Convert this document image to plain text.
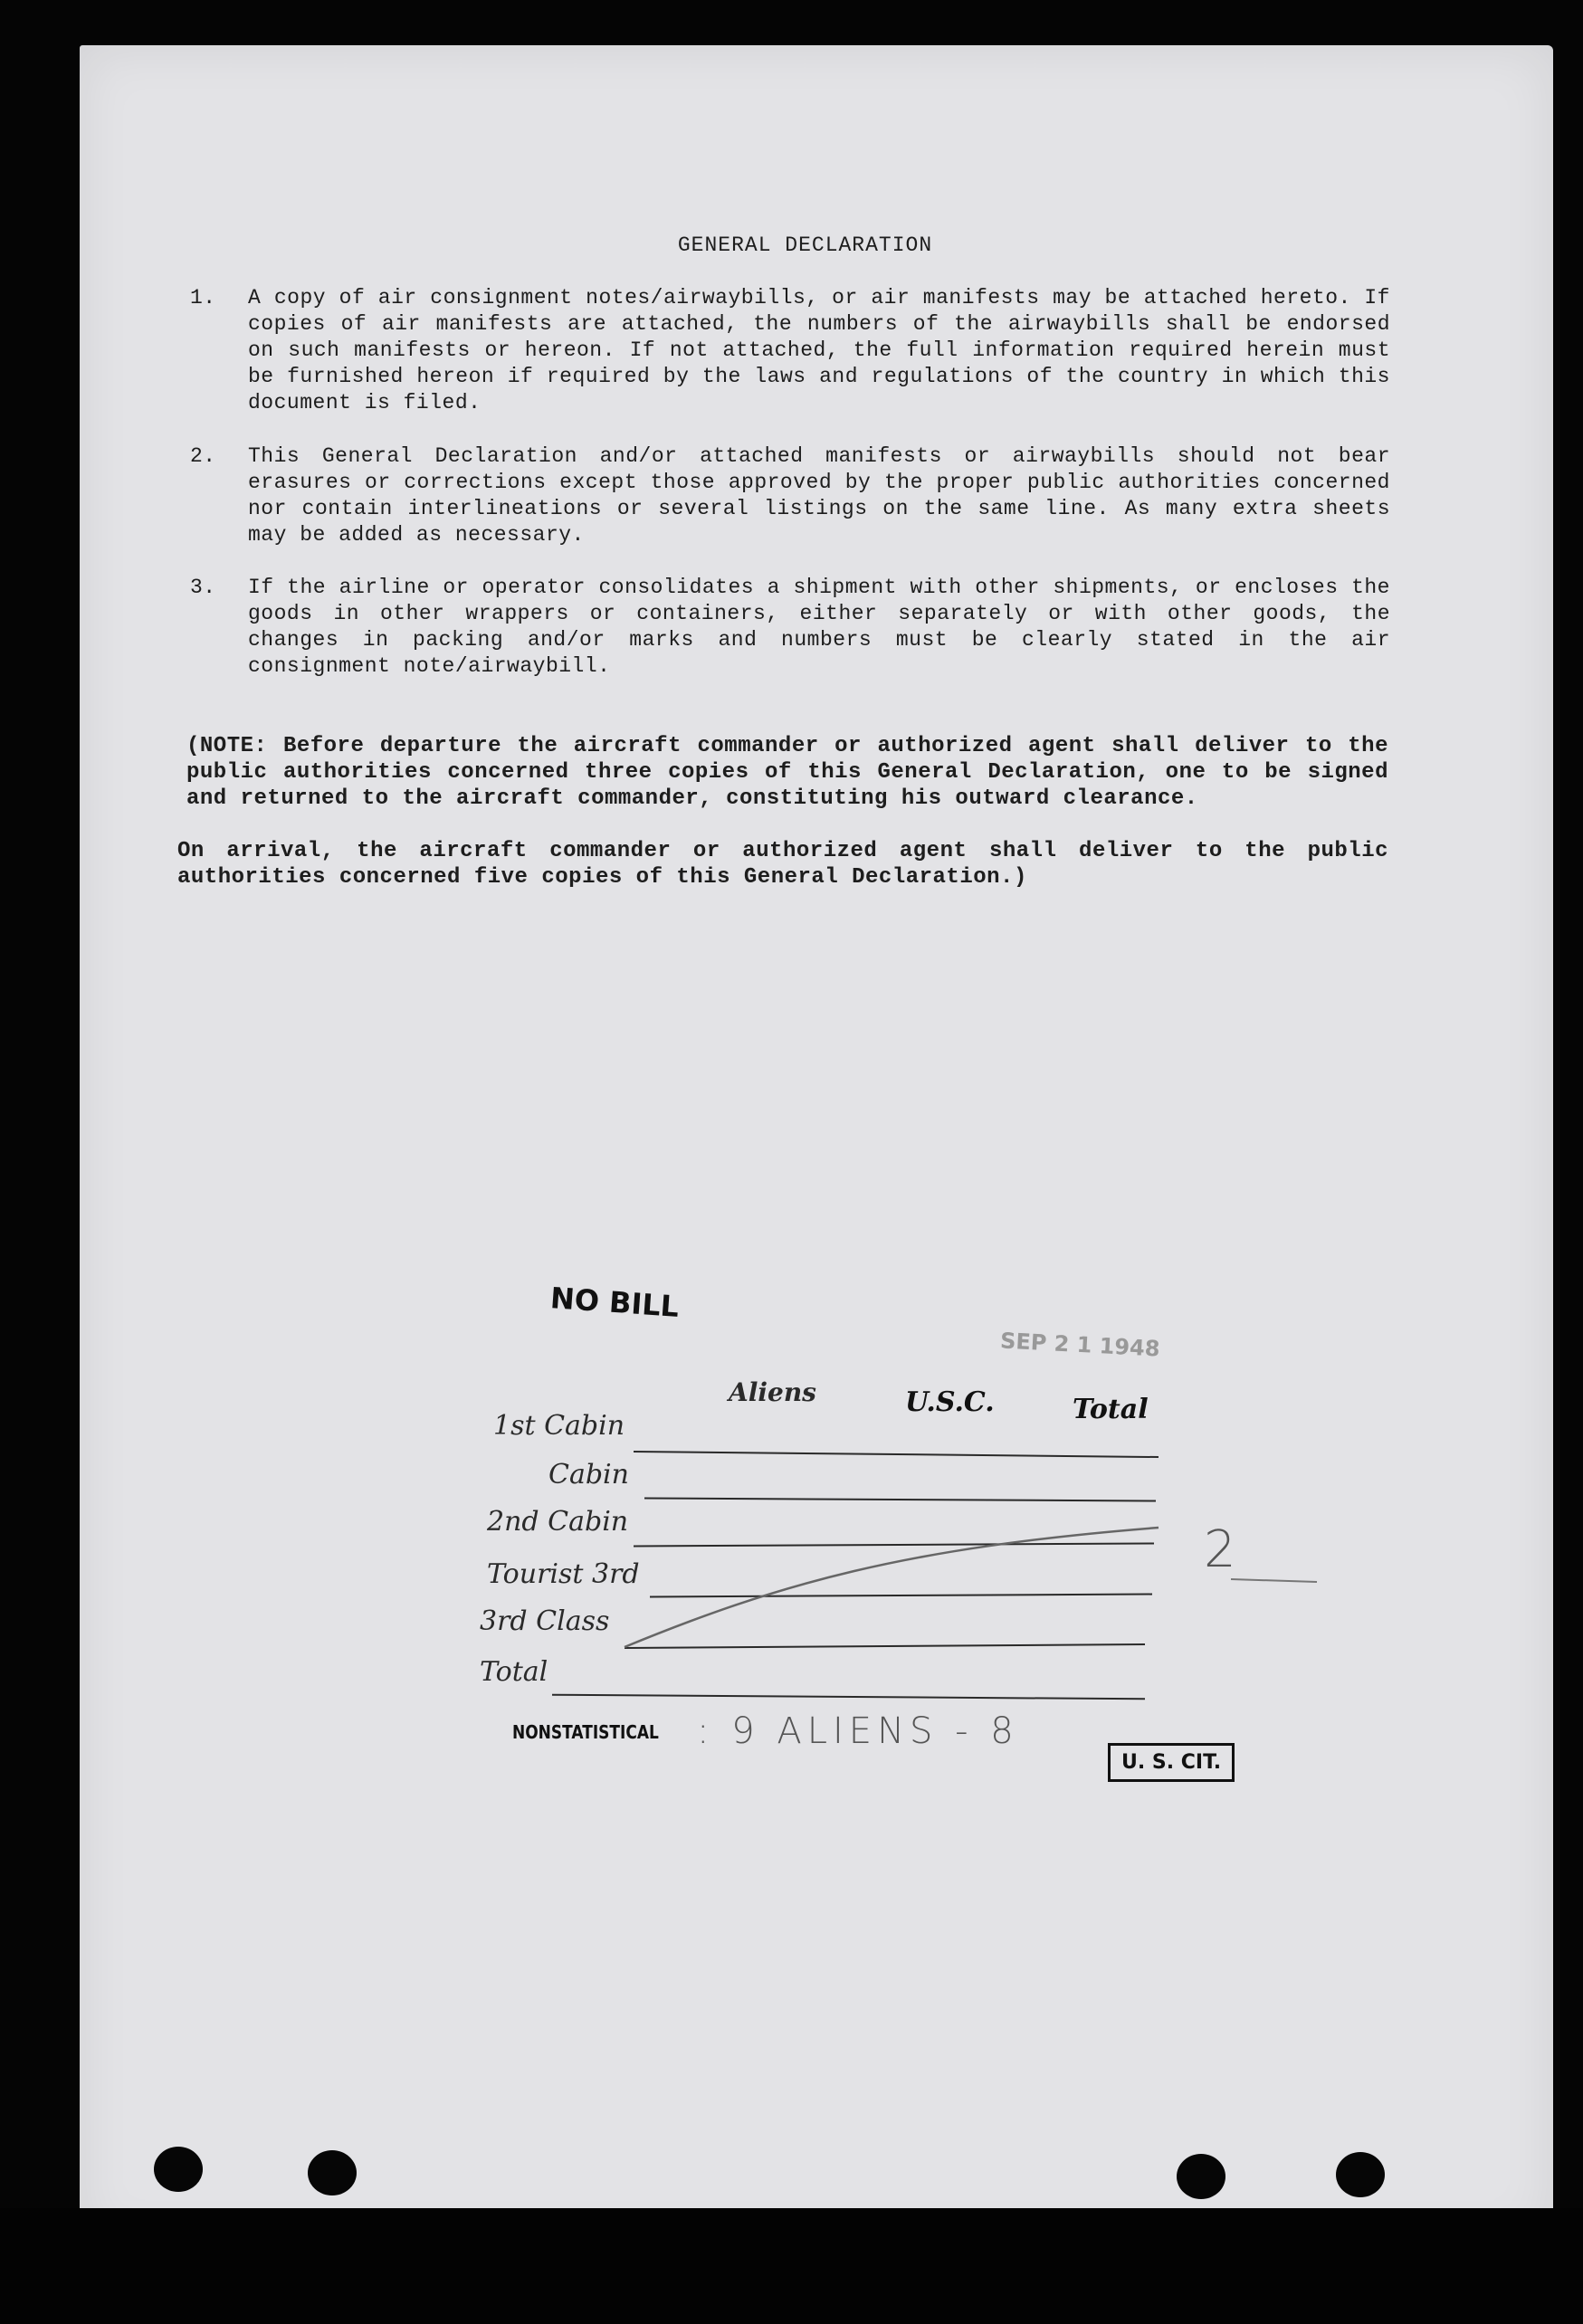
GENERAL DECLARATION
1. A copy of air consignment notes/airwaybills, or air manifests may be attached hereto. If copies of air manifests are attached, the numbers of the airwaybills shall be endorsed on such manifests or hereon. If not attached, the full information required herein must be furnished hereon if required by the laws and regulations of the country in which this document is filed.
2. This General Declaration and/or attached manifests or airwaybills should not bear erasures or corrections except those approved by the proper public authorities concerned nor contain interlineations or several listings on the same line. As many extra sheets may be added as necessary.
3. If the airline or operator consolidates a shipment with other shipments, or encloses the goods in other wrappers or containers, either separately or with other goods, the changes in packing and/or marks and numbers must be clearly stated in the air consignment note/airwaybill.
(NOTE: Before departure the aircraft commander or authorized agent shall deliver to the public authorities concerned three copies of this General Declaration, one to be signed and returned to the aircraft commander, constituting his outward clearance.
On arrival, the aircraft commander or authorized agent shall deliver to the public authorities concerned five copies of this General Declaration.)
NO BILL
SEP 2 1 1948
Aliens	U.S.C.	Total
1st Cabin
Cabin
2nd Cabin
Tourist 3rd
3rd Class
Total
2
NONSTATISTICAL : 9 ALIENS - 8
U. S. CIT.
